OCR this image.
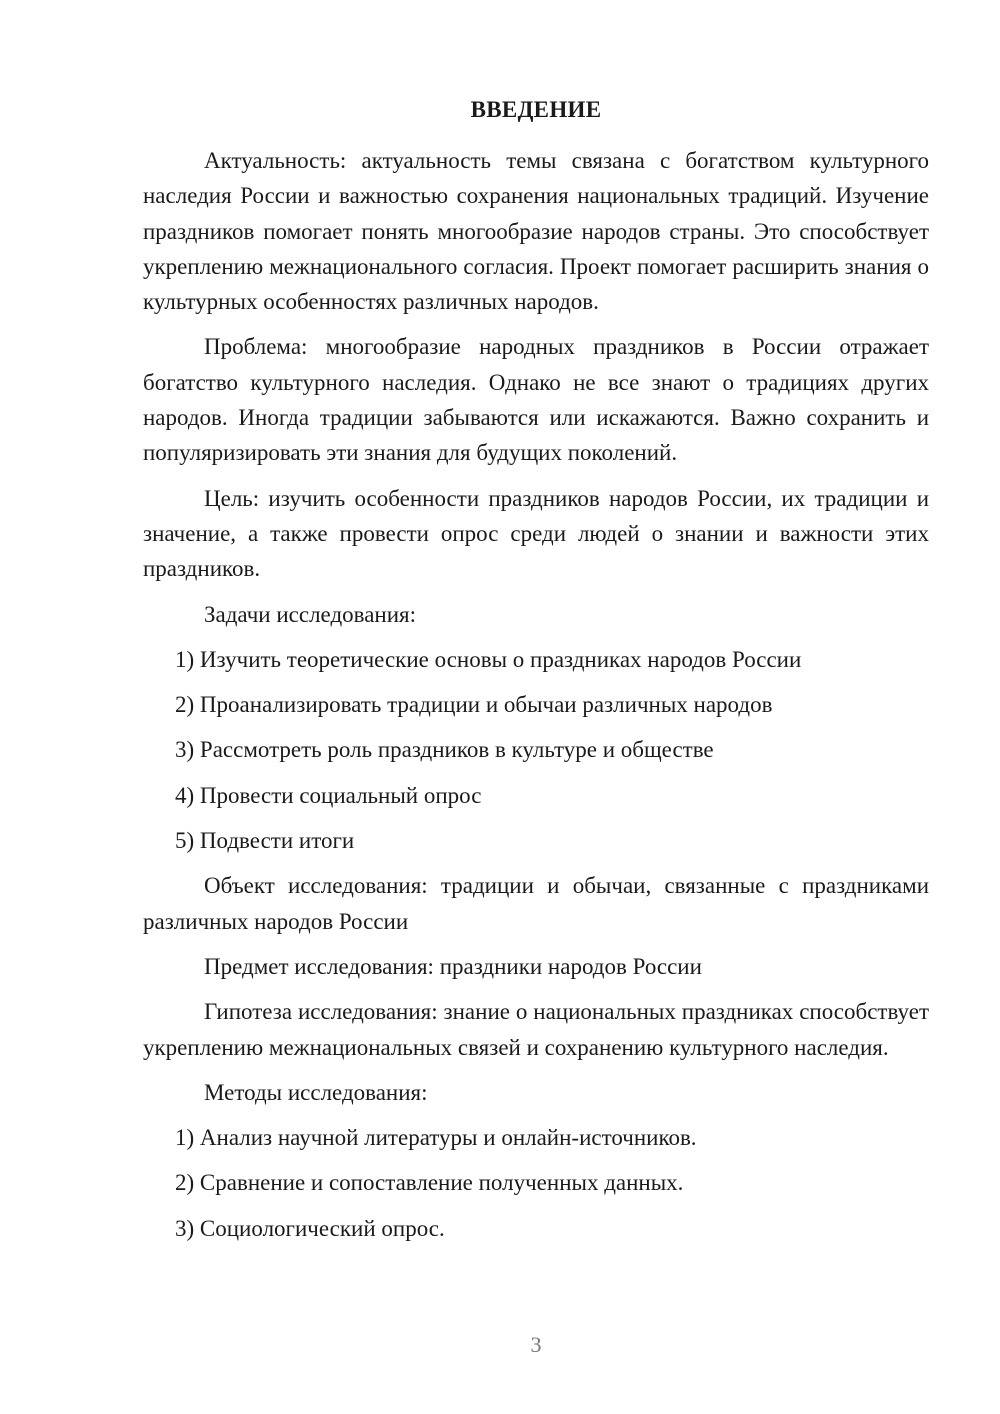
ВВЕДЕНИЕ

Актуальность: актуальность темы связана с богатством культурного наследия России и важностью сохранения национальных традиций. Изучение праздников помогает понять многообразие народов страны. Это способствует укреплению межнационального согласия. Проект помогает расширить знания о культурных особенностях различных народов.

Проблема: многообразие народных праздников в России отражает богатство культурного наследия. Однако не все знают о традициях других народов. Иногда традиции забываются или искажаются. Важно сохранить и популяризировать эти знания для будущих поколений.

Цель: изучить особенности праздников народов России, их традиции и значение, а также провести опрос среди людей о знании и важности этих праздников.

Задачи исследования:

1) Изучить теоретические основы о праздниках народов России

2) Проанализировать традиции и обычаи различных народов

3) Рассмотреть роль праздников в культуре и обществе

4) Провести социальный опрос

5) Подвести итоги

Объект исследования: традиции и обычаи, связанные с праздниками различных народов России

Предмет исследования: праздники народов России

Гипотеза исследования: знание о национальных праздниках способствует укреплению межнациональных связей и сохранению культурного наследия.

Методы исследования:

1) Анализ научной литературы и онлайн-источников.

2) Сравнение и сопоставление полученных данных.

3) Социологический опрос.

3
